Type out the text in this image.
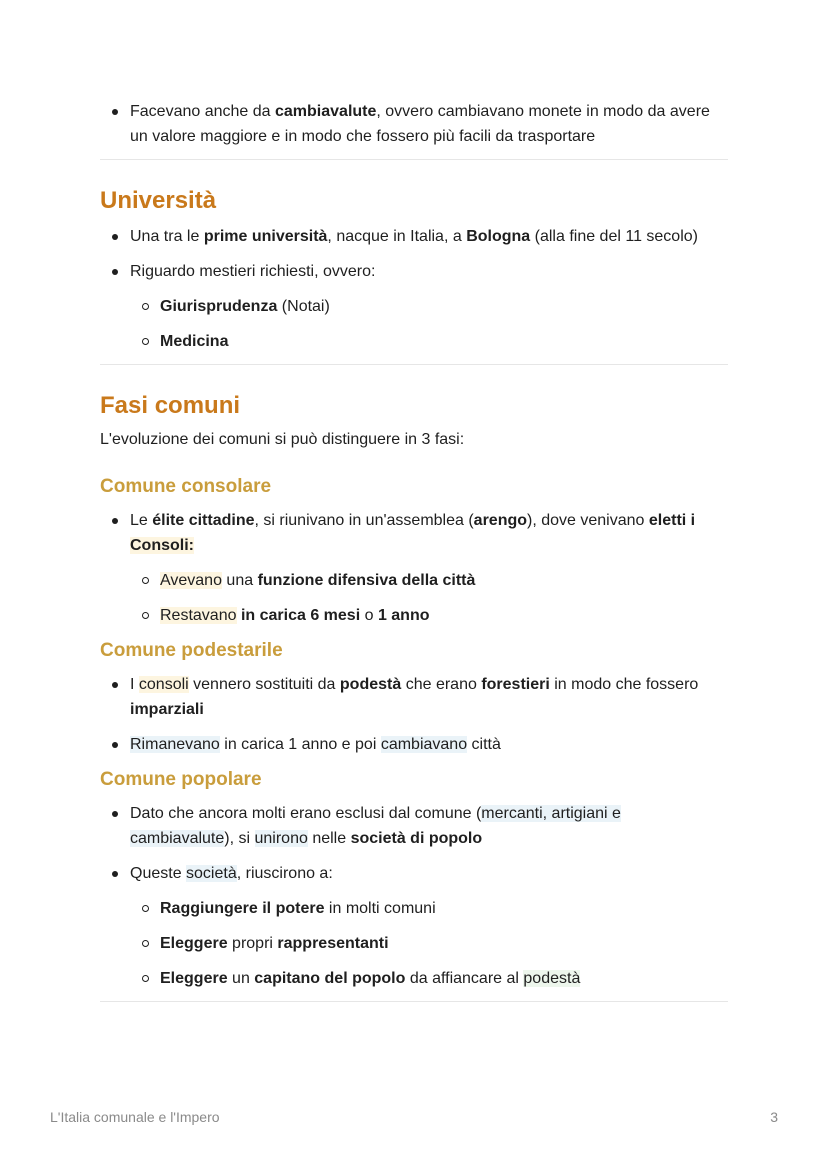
Facevano anche da cambiavalute, ovvero cambiavano monete in modo da avere un valore maggiore e in modo che fossero più facili da trasportare
Università
Una tra le prime università, nacque in Italia, a Bologna (alla fine del 11 secolo)
Riguardo mestieri richiesti, ovvero:
Giurisprudenza (Notai)
Medicina
Fasi comuni

L'evoluzione dei comuni si può distinguere in 3 fasi:

Comune consolare
Le élite cittadine, si riunivano in un'assemblea (arengo), dove venivano eletti i Consoli:
Avevano una funzione difensiva della città
Restavano in carica 6 mesi o 1 anno
Comune podestarile
I consoli vennero sostituiti da podestà che erano forestieri in modo che fossero imparziali
Rimanevano in carica 1 anno e poi cambiavano città
Comune popolare
Dato che ancora molti erano esclusi dal comune (mercanti, artigiani e cambiavalute), si unirono nelle società di popolo
Queste società, riuscirono a:
Raggiungere il potere in molti comuni
Eleggere propri rappresentanti
Eleggere un capitano del popolo da affiancare al podestà
L'Italia comunale e l'Impero	3
